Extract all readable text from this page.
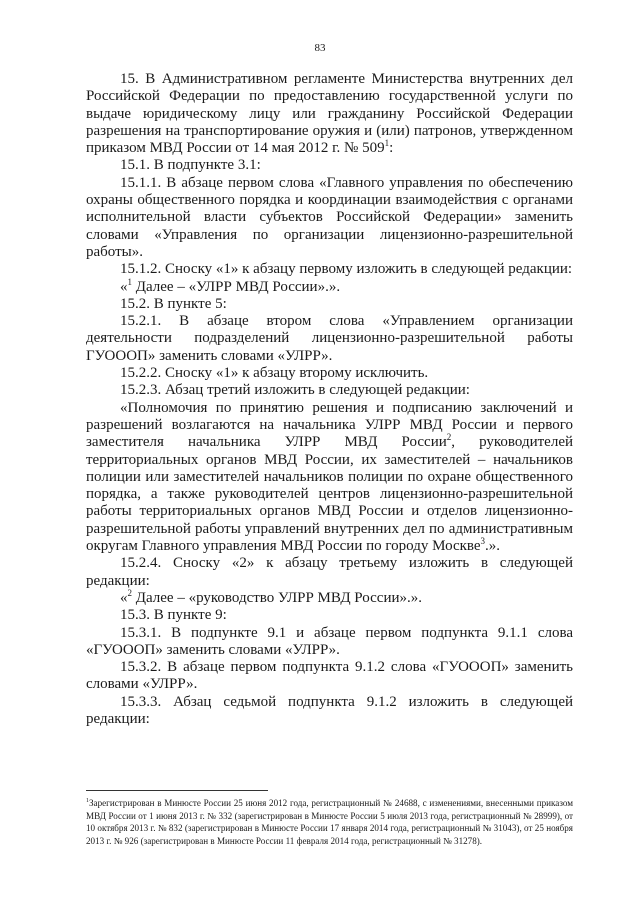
83

15. В Административном регламенте Министерства внутренних дел Российской Федерации по предоставлению государственной услуги по выдаче юридическому лицу или гражданину Российской Федерации разрешения на транспортирование оружия и (или) патронов, утвержденном приказом МВД России от 14 мая 2012 г. № $509^1$:

15.1. В подпункте 3.1:

15.1.1. В абзаце первом слова «Главного управления по обеспечению охраны общественного порядка и координации взаимодействия с органами исполнительной власти субъектов Российской Федерации» заменить словами «Управления по организации лицензионно-разрешительной работы».

15.1.2. Сноску «1» к абзацу первому изложить в следующей редакции:

«$^1$ Далее – «УЛРР МВД России».».

15.2. В пункте 5:

15.2.1. В абзаце втором слова «Управлением организации деятельности подразделений лицензионно-разрешительной работы ГУОООП» заменить словами «УЛРР».

15.2.2. Сноску «1» к абзацу второму исключить.

15.2.3. Абзац третий изложить в следующей редакции:

«Полномочия по принятию решения и подписанию заключений и разрешений возлагаются на начальника УЛРР МВД России и первого заместителя начальника УЛРР МВД России$^2$, руководителей территориальных органов МВД России, их заместителей – начальников полиции или заместителей начальников полиции по охране общественного порядка, а также руководителей центров лицензионно-разрешительной работы территориальных органов МВД России и отделов лицензионно-разрешительной работы управлений внутренних дел по административным округам Главного управления МВД России по городу Москве$^3$.».

15.2.4. Сноску «2» к абзацу третьему изложить в следующей редакции:

«$^2$ Далее – «руководство УЛРР МВД России».».

15.3. В пункте 9:

15.3.1. В подпункте 9.1 и абзаце первом подпункта 9.1.1 слова «ГУОООП» заменить словами «УЛРР».

15.3.2. В абзаце первом подпункта 9.1.2 слова «ГУОООП» заменить словами «УЛРР».

15.3.3. Абзац седьмой подпункта 9.1.2 изложить в следующей редакции:

$^1$Зарегистрирован в Минюсте России 25 июня 2012 года, регистрационный № 24688, с изменениями, внесенными приказом МВД России от 1 июня 2013 г. № 332 (зарегистрирован в Минюсте России 5 июля 2013 года, регистрационный № 28999), от 10 октября 2013 г. № 832 (зарегистрирован в Минюсте России 17 января 2014 года, регистрационный № 31043), от 25 ноября 2013 г. № 926 (зарегистрирован в Минюсте России 11 февраля 2014 года, регистрационный № 31278).
